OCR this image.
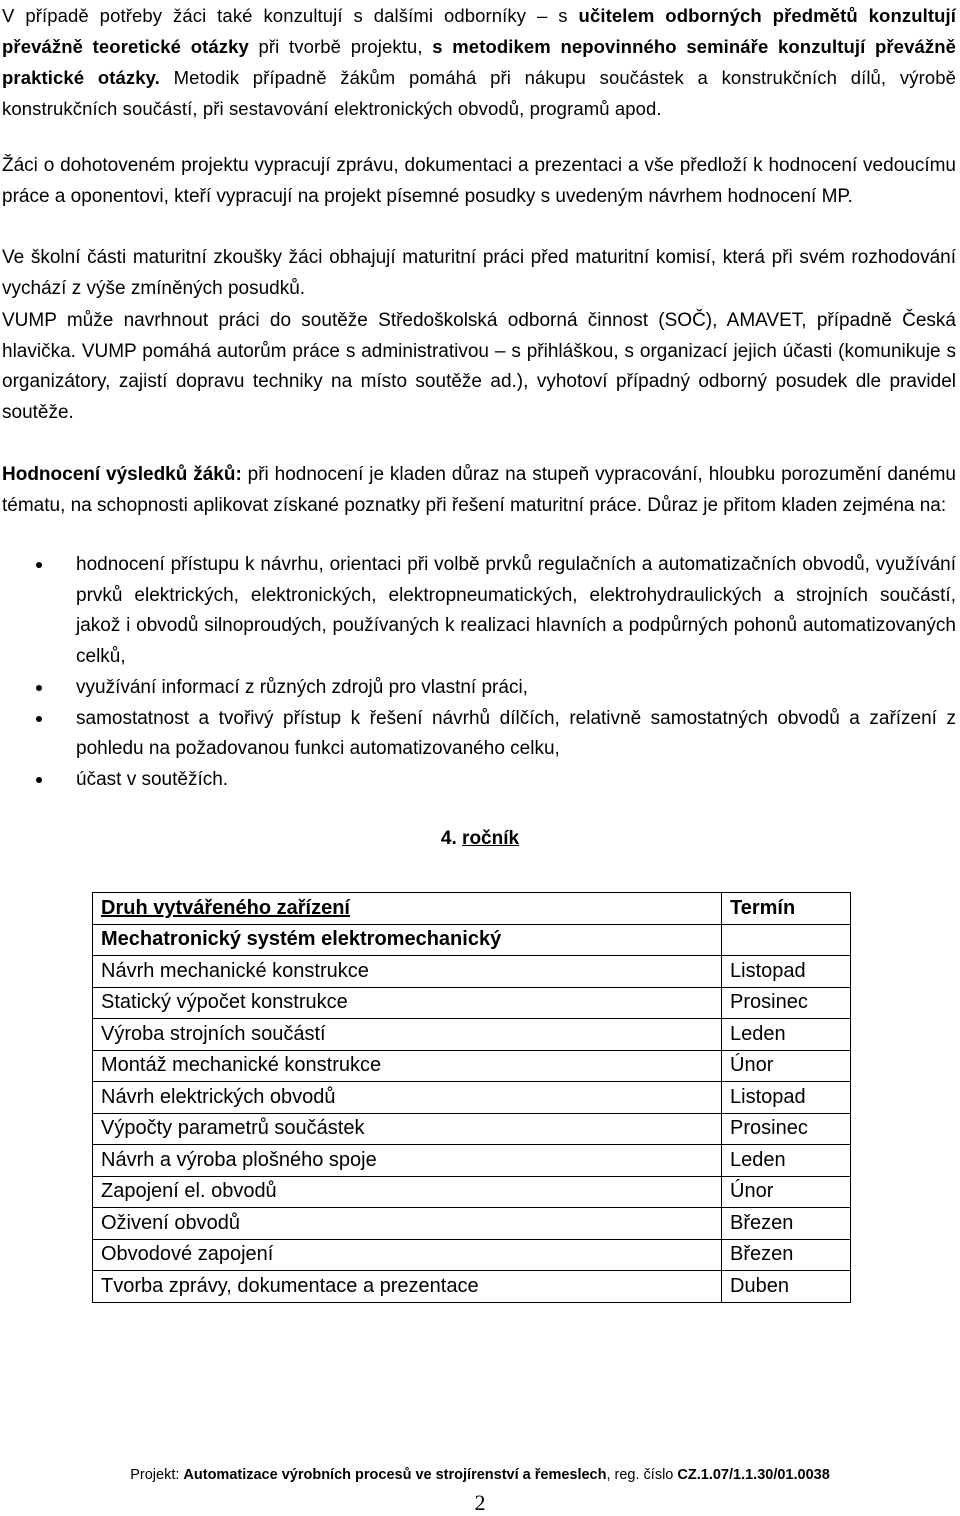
V případě potřeby žáci také konzultují s dalšími odborníky – s učitelem odborných předmětů konzultují převážně teoretické otázky při tvorbě projektu, s metodikem nepovinného semináře konzultují převážně praktické otázky. Metodik případně žákům pomáhá při nákupu součástek a konstrukčních dílů, výrobě konstrukčních součástí, při sestavování elektronických obvodů, programů apod.

Žáci o dohotoveném projektu vypracují zprávu, dokumentaci a prezentaci a vše předloží k hodnocení vedoucímu práce a oponentovi, kteří vypracují na projekt písemné posudky s uvedeným návrhem hodnocení MP.

Ve školní části maturitní zkoušky žáci obhajují maturitní práci před maturitní komisí, která při svém rozhodování vychází z výše zmíněných posudků.

VUMP může navrhnout práci do soutěže Středoškolská odborná činnost (SOČ), AMAVET, případně Česká hlavička. VUMP pomáhá autorům práce s administrativou – s přihláškou, s organizací jejich účasti (komunikuje s organizátory, zajistí dopravu techniky na místo soutěže ad.), vyhotoví případný odborný posudek dle pravidel soutěže.

Hodnocení výsledků žáků: při hodnocení je kladen důraz na stupeň vypracování, hloubku porozumění danému tématu, na schopnosti aplikovat získané poznatky při řešení maturitní práce. Důraz je přitom kladen zejména na:

hodnocení přístupu k návrhu, orientaci při volbě prvků regulačních a automatizačních obvodů, využívání prvků elektrických, elektronických, elektropneumatických, elektrohydraulických a strojních součástí, jakož i obvodů silnoproudých, používaných k realizaci hlavních a podpůrných pohonů automatizovaných celků,
využívání informací z různých zdrojů pro vlastní práci,
samostatnost a tvořivý přístup k řešení návrhů dílčích, relativně samostatných obvodů a zařízení z pohledu na požadovanou funkci automatizovaného celku,
účast v soutěžích.
4. ročník
Druh vytvářeného zařízení	Termín
Mechatronický systém elektromechanický	
Návrh mechanické konstrukce	Listopad
Statický výpočet konstrukce	Prosinec
Výroba strojních součástí	Leden
Montáž mechanické konstrukce	Únor
Návrh elektrických obvodů	Listopad
Výpočty parametrů součástek	Prosinec
Návrh a výroba plošného spoje	Leden
Zapojení el. obvodů	Únor
Oživení obvodů	Březen
Obvodové zapojení	Březen
Tvorba zprávy, dokumentace a prezentace	Duben
Projekt: Automatizace výrobních procesů ve strojírenství a řemeslech, reg. číslo CZ.1.07/1.1.30/01.0038
2
